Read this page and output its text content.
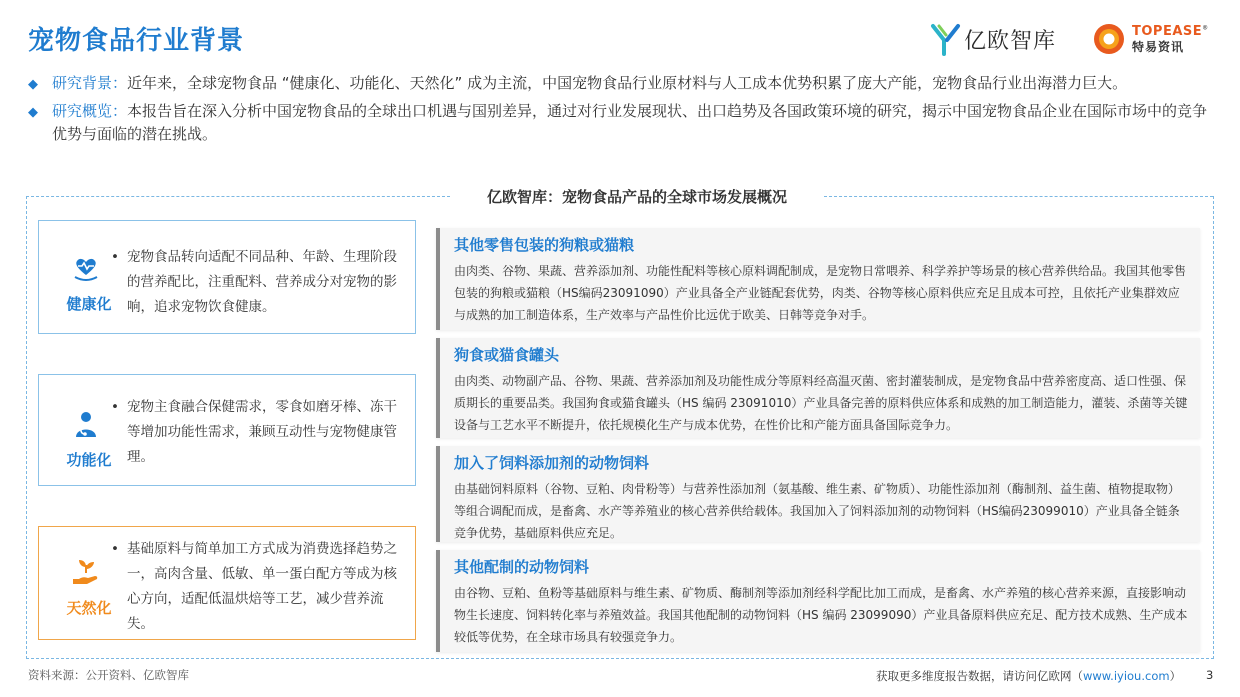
宠物食品行业背景	亿欧智库	TOPEASE®
特易资讯
◆ 研究背景：近年来，全球宠物食品 “健康化、功能化、天然化” 成为主流，中国宠物食品行业原材料与人工成本优势积累了庞大产能，宠物食品行业出海潜力巨大。
◆ 研究概览：本报告旨在深入分析中国宠物食品的全球出口机遇与国别差异，通过对行业发展现状、出口趋势及各国政策环境的研究，揭示中国宠物食品企业在国际市场中的竞争优势与面临的潜在挑战。
亿欧智库：宠物食品产品的全球市场发展概况
健康化
• 宠物食品转向适配不同品种、年龄、生理阶段的营养配比，注重配料、营养成分对宠物的影响，追求宠物饮食健康。
功能化
• 宠物主食融合保健需求，零食如磨牙棒、冻干等增加功能性需求，兼顾互动性与宠物健康管理。
天然化
• 基础原料与简单加工方式成为消费选择趋势之一，高肉含量、低敏、单一蛋白配方等成为核心方向，适配低温烘焙等工艺，减少营养流失。
其他零售包装的狗粮或猫粮
由肉类、谷物、果蔬、营养添加剂、功能性配料等核心原料调配制成，是宠物日常喂养、科学养护等场景的核心营养供给品。我国其他零售包装的狗粮或猫粮（HS编码23091090）产业具备全产业链配套优势，肉类、谷物等核心原料供应充足且成本可控，且依托产业集群效应与成熟的加工制造体系，生产效率与产品性价比远优于欧美、日韩等竞争对手。
狗食或猫食罐头
由肉类、动物副产品、谷物、果蔬、营养添加剂及功能性成分等原料经高温灭菌、密封灌装制成，是宠物食品中营养密度高、适口性强、保质期长的重要品类。我国狗食或猫食罐头（HS 编码 23091010）产业具备完善的原料供应体系和成熟的加工制造能力，灌装、杀菌等关键设备与工艺水平不断提升，依托规模化生产与成本优势，在性价比和产能方面具备国际竞争力。
加入了饲料添加剂的动物饲料
由基础饲料原料（谷物、豆粕、肉骨粉等）与营养性添加剂（氨基酸、维生素、矿物质）、功能性添加剂（酶制剂、益生菌、植物提取物）等组合调配而成，是畜禽、水产等养殖业的核心营养供给载体。我国加入了饲料添加剂的动物饲料（HS编码23099010）产业具备全链条竞争优势，基础原料供应充足。
其他配制的动物饲料
由谷物、豆粕、鱼粉等基础原料与维生素、矿物质、酶制剂等添加剂经科学配比加工而成，是畜禽、水产养殖的核心营养来源，直接影响动物生长速度、饲料转化率与养殖效益。我国其他配制的动物饲料（HS 编码 23099090）产业具备原料供应充足、配方技术成熟、生产成本较低等优势，在全球市场具有较强竞争力。
资料来源：公开资料、亿欧智库	获取更多维度报告数据，请访问亿欧网（www.iyiou.com） 3
